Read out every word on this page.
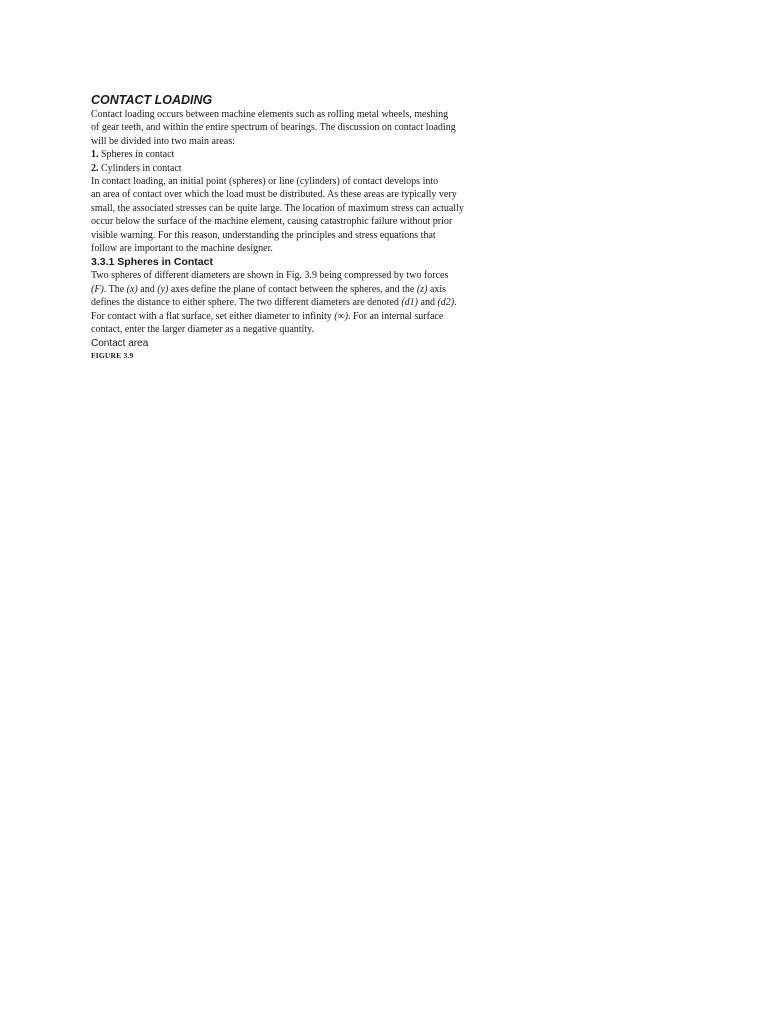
CONTACT LOADING

Contact loading occurs between machine elements such as rolling metal wheels, meshing

of gear teeth, and within the entire spectrum of bearings. The discussion on contact loading

will be divided into two main areas:

1. Spheres in contact

2. Cylinders in contact

In contact loading, an initial point (spheres) or line (cylinders) of contact develops into

an area of contact over which the load must be distributed. As these areas are typically very

small, the associated stresses can be quite large. The location of maximum stress can actually

occur below the surface of the machine element, causing catastrophic failure without prior

visible warning. For this reason, understanding the principles and stress equations that

follow are important to the machine designer.

3.3.1 Spheres in Contact

Two spheres of different diameters are shown in Fig. 3.9 being compressed by two forces

(F). The (x) and (y) axes define the plane of contact between the spheres, and the (z) axis

defines the distance to either sphere. The two different diameters are denoted (d1) and (d2).

For contact with a flat surface, set either diameter to infinity (∞). For an internal surface

contact, enter the larger diameter as a negative quantity.

Contact area

FIGURE 3.9
